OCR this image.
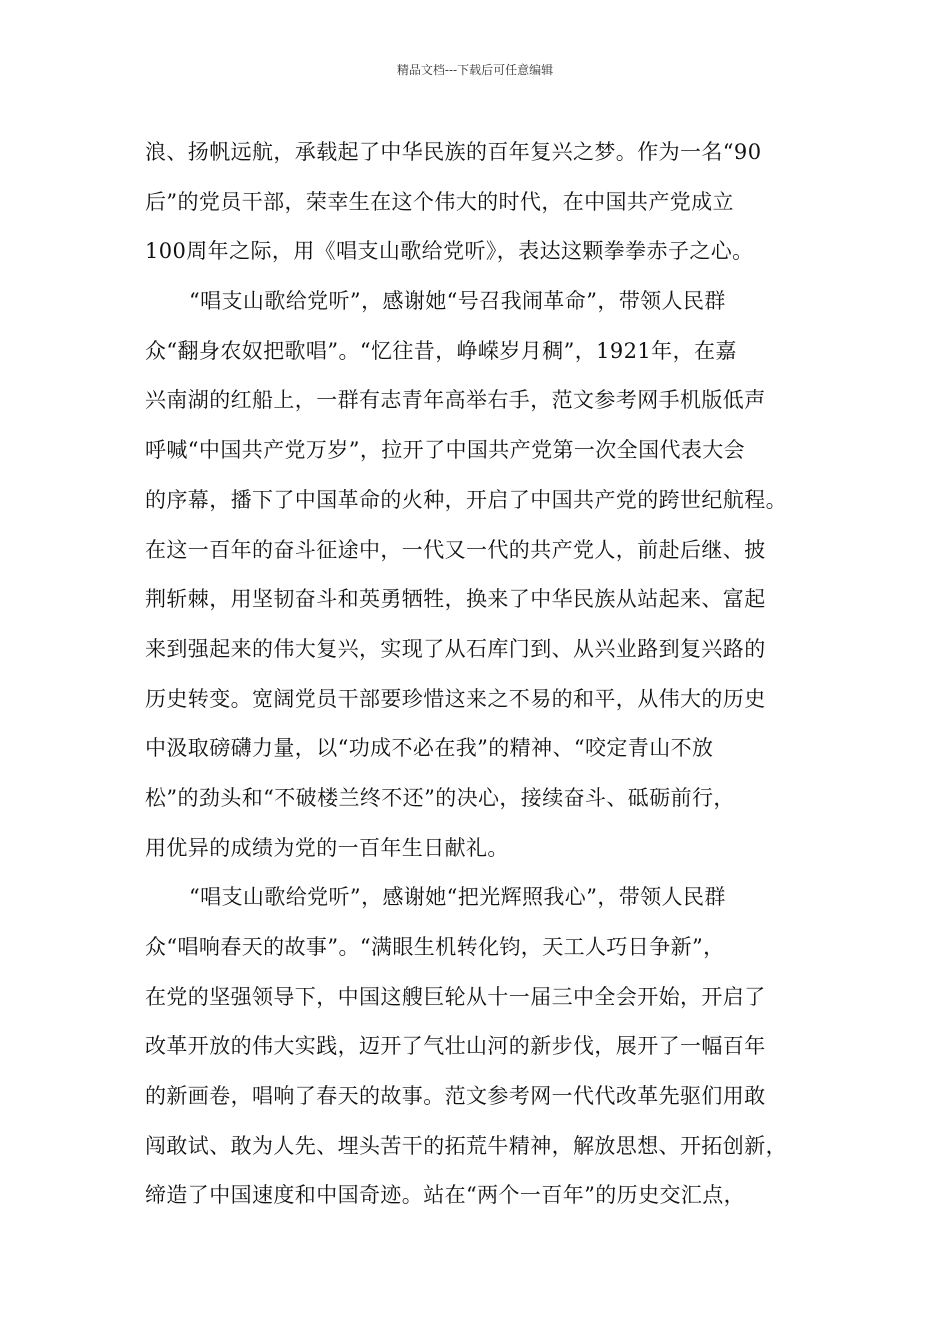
精品文档---下载后可任意编辑
浪、扬帆远航，承载起了中华民族的百年复兴之梦。作为一名“90
后”的党员干部，荣幸生在这个伟大的时代，在中国共产党成立
100周年之际，用《唱支山歌给党听》，表达这颗拳拳赤子之心。
“唱支山歌给党听”，感谢她“号召我闹革命”，带领人民群
众“翻身农奴把歌唱”。“忆往昔，峥嵘岁月稠”，1921年，在嘉
兴南湖的红船上，一群有志青年高举右手，范文参考网手机版低声
呼喊“中国共产党万岁”，拉开了中国共产党第一次全国代表大会
的序幕，播下了中国革命的火种，开启了中国共产党的跨世纪航程。
在这一百年的奋斗征途中，一代又一代的共产党人，前赴后继、披
荆斩棘，用坚韧奋斗和英勇牺牲，换来了中华民族从站起来、富起
来到强起来的伟大复兴，实现了从石库门到、从兴业路到复兴路的
历史转变。宽阔党员干部要珍惜这来之不易的和平，从伟大的历史
中汲取磅礴力量，以“功成不必在我”的精神、“咬定青山不放
松”的劲头和“不破楼兰终不还”的决心，接续奋斗、砥砺前行，
用优异的成绩为党的一百年生日献礼。
“唱支山歌给党听”，感谢她“把光辉照我心”，带领人民群
众“唱响春天的故事”。“满眼生机转化钧，天工人巧日争新”，
在党的坚强领导下，中国这艘巨轮从十一届三中全会开始，开启了
改革开放的伟大实践，迈开了气壮山河的新步伐，展开了一幅百年
的新画卷，唱响了春天的故事。范文参考网一代代改革先驱们用敢
闯敢试、敢为人先、埋头苦干的拓荒牛精神，解放思想、开拓创新，
缔造了中国速度和中国奇迹。站在“两个一百年”的历史交汇点，
